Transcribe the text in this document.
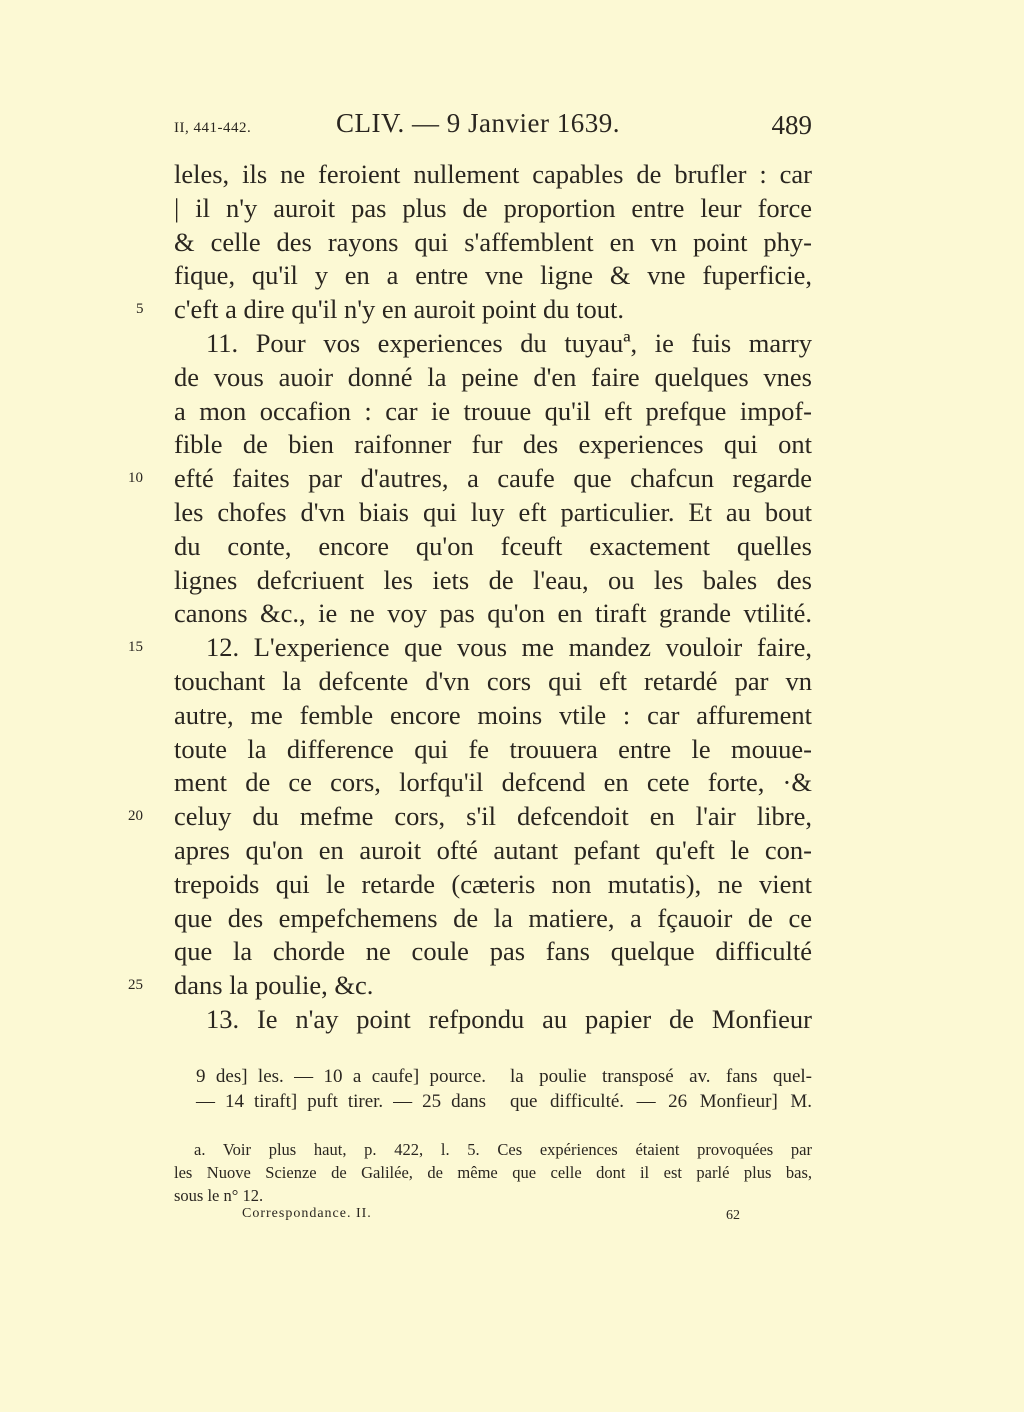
II, 441-442.	CLIV. — 9 Janvier 1639.	489
leles, ils ne feroient nullement capables de brufler : car
| il n'y auroit pas plus de proportion entre leur force
& celle des rayons qui s'affemblent en vn point phy-
fique, qu'il y en a entre vne ligne & vne fuperficie,
5	c'eft a dire qu'il n'y en auroit point du tout.
11. Pour vos experiences du tuyauª, ie fuis marry
de vous auoir donné la peine d'en faire quelques vnes
a mon occafion : car ie trouue qu'il eft prefque impof-
fible de bien raifonner fur des experiences qui ont
10 efté faites par d'autres, a caufe que chafcun regarde
les chofes d'vn biais qui luy eft particulier. Et au bout
du conte, encore qu'on fceuft exactement quelles
lignes defcriuent les iets de l'eau, ou les bales des
canons &c., ie ne voy pas qu'on en tiraft grande vtilité.
15 12. L'experience que vous me mandez vouloir faire,
touchant la defcente d'vn cors qui eft retardé par vn
autre, me femble encore moins vtile : car affurement
toute la difference qui fe trouuera entre le mouue-
ment de ce cors, lorfqu'il defcend en cete forte, ·&
20 celuy du mefme cors, s'il defcendoit en l'air libre,
apres qu'on en auroit ofté autant pefant qu'eft le con-
trepoids qui le retarde (cæteris non mutatis), ne vient
que des empefchemens de la matiere, a fçauoir de ce
que la chorde ne coule pas fans quelque difficulté
25 dans la poulie, &c.
13. Ie n'ay point refpondu au papier de Monfieur
9 des] les. — 10 a caufe] pource.
— 14 tiraft] puft tirer. — 25 dans
la poulie transposé av. fans quel-
que difficulté. — 26 Monfieur] M.
a. Voir plus haut, p. 422, l. 5. Ces expériences étaient provoquées par
les Nuove Scienze de Galilée, de même que celle dont il est parlé plus bas,
sous le n° 12.
Correspondance. II.	62
